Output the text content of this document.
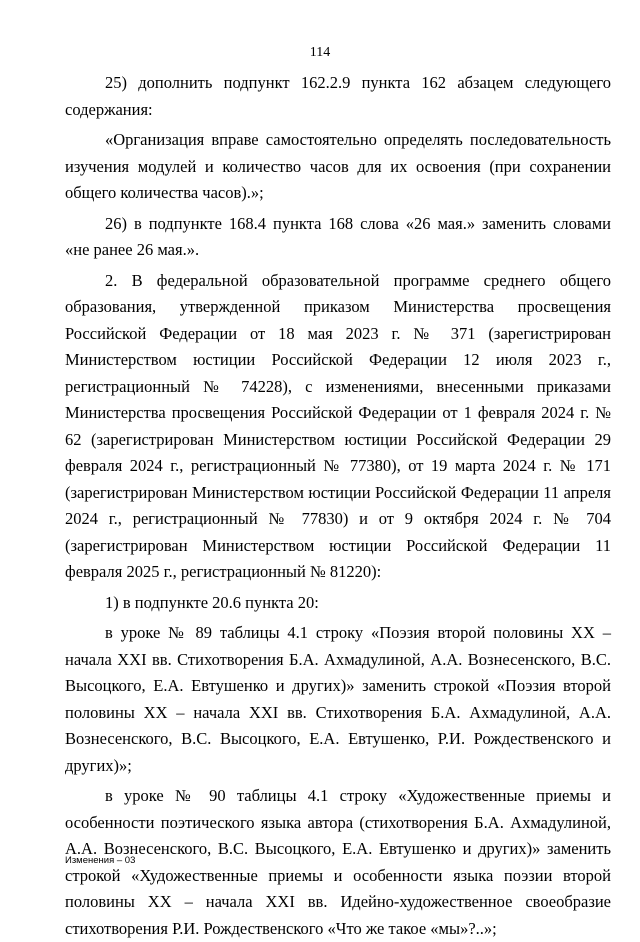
114

25) дополнить подпункт 162.2.9 пункта 162 абзацем следующего содержания:

«Организация вправе самостоятельно определять последовательность изучения модулей и количество часов для их освоения (при сохранении общего количества часов).»;

26) в подпункте 168.4 пункта 168 слова «26 мая.» заменить словами «не ранее 26 мая.».

2. В федеральной образовательной программе среднего общего образования, утвержденной приказом Министерства просвещения Российской Федерации от 18 мая 2023 г. № 371 (зарегистрирован Министерством юстиции Российской Федерации 12 июля 2023 г., регистрационный № 74228), с изменениями, внесенными приказами Министерства просвещения Российской Федерации от 1 февраля 2024 г. № 62 (зарегистрирован Министерством юстиции Российской Федерации 29 февраля 2024 г., регистрационный № 77380), от 19 марта 2024 г. № 171 (зарегистрирован Министерством юстиции Российской Федерации 11 апреля 2024 г., регистрационный № 77830) и от 9 октября 2024 г. № 704 (зарегистрирован Министерством юстиции Российской Федерации 11 февраля 2025 г., регистрационный № 81220):

1) в подпункте 20.6 пункта 20:

в уроке № 89 таблицы 4.1 строку «Поэзия второй половины XX – начала XXI вв. Стихотворения Б.А. Ахмадулиной, А.А. Вознесенского, В.С. Высоцкого, Е.А. Евтушенко и других)» заменить строкой «Поэзия второй половины XX – начала XXI вв. Стихотворения Б.А. Ахмадулиной, А.А. Вознесенского, В.С. Высоцкого, Е.А. Евтушенко, Р.И. Рождественского и других)»;

в уроке № 90 таблицы 4.1 строку «Художественные приемы и особенности поэтического языка автора (стихотворения Б.А. Ахмадулиной, А.А. Вознесенского, В.С. Высоцкого, Е.А. Евтушенко и других)» заменить строкой «Художественные приемы и особенности языка поэзии второй половины XX – начала XXI вв. Идейно-художественное своеобразие стихотворения Р.И. Рождественского «Что же такое «мы»?..»;

Изменения – 03
